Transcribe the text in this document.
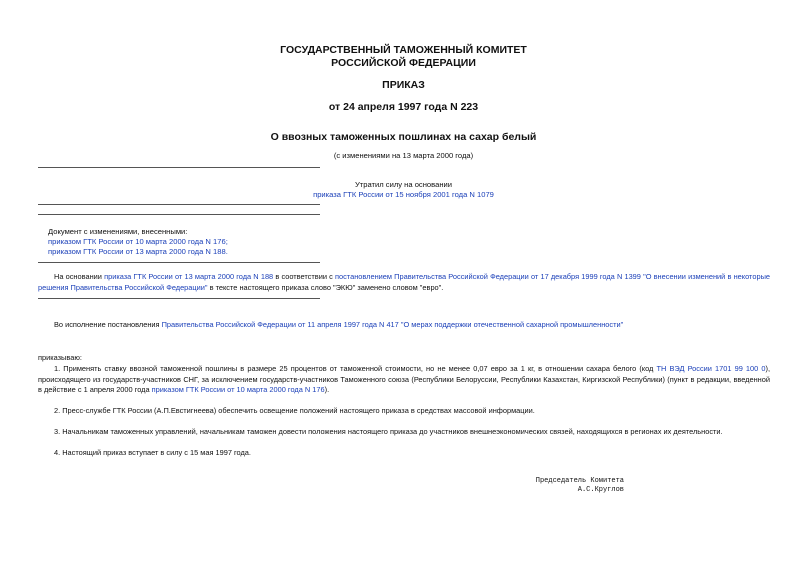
ГОСУДАРСТВЕННЫЙ ТАМОЖЕННЫЙ КОМИТЕТ
РОССИЙСКОЙ ФЕДЕРАЦИИ
ПРИКАЗ
от 24 апреля 1997 года N 223
О ввозных таможенных пошлинах на сахар белый
(с изменениями на 13 марта 2000 года)
Утратил силу на основании
приказа ГТК России от 15 ноября 2001 года N 1079
Документ с изменениями, внесенными:
приказом ГТК России от 10 марта 2000 года N 176;
приказом ГТК России от 13 марта 2000 года N 188.
На основании приказа ГТК России от 13 марта 2000 года N 188 в соответствии с постановлением Правительства Российской Федерации от 17 декабря 1999 года N 1399 "О внесении изменений в некоторые решения Правительства Российской Федерации" в тексте настоящего приказа слово "ЭКЮ" заменено словом "евро".
Во исполнение постановления Правительства Российской Федерации от 11 апреля 1997 года N 417 "О мерах поддержки отечественной сахарной промышленности"
приказываю:
1. Применять ставку ввозной таможенной пошлины в размере 25 процентов от таможенной стоимости, но не менее 0,07 евро за 1 кг, в отношении сахара белого (код ТН ВЭД России 1701 99 100 0), происходящего из государств-участников СНГ, за исключением государств-участников Таможенного союза (Республики Белоруссии, Республики Казахстан, Киргизской Республики) (пункт в редакции, введенной в действие с 1 апреля 2000 года приказом ГТК России от 10 марта 2000 года N 176).
2. Пресс-службе ГТК России (А.П.Евстигнеева) обеспечить освещение положений настоящего приказа в средствах массовой информации.
3. Начальникам таможенных управлений, начальникам таможен довести положения настоящего приказа до участников внешнеэкономических связей, находящихся в регионах их деятельности.
4. Настоящий приказ вступает в силу с 15 мая 1997 года.
Председатель Комитета
А.С.Круглов
